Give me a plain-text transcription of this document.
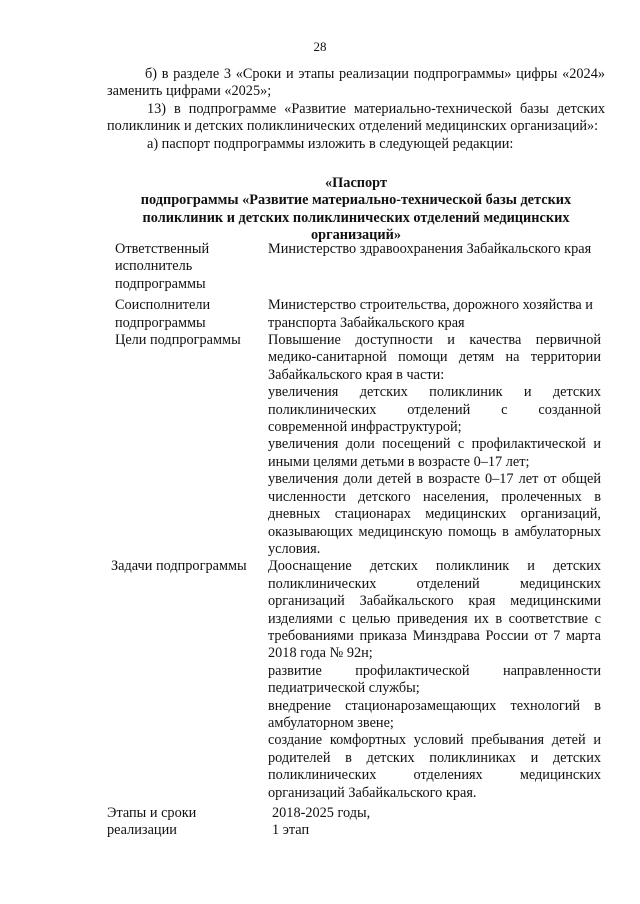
28

б) в разделе 3 «Сроки и этапы реализации подпрограммы» цифры «2024» заменить цифрами «2025»;

13) в подпрограмме «Развитие материально-технической базы детских поликлиник и детских поликлинических отделений медицинских организаций»:

а) паспорт подпрограммы изложить в следующей редакции:

«Паспорт
подпрограммы «Развитие материально-технической базы детских поликлиник и детских поликлинических отделений медицинских организаций»
Ответственный исполнитель подпрограммы
Министерство здравоохранения Забайкальского края
Соисполнители подпрограммы
Министерство строительства, дорожного хозяйства и транспорта Забайкальского края
Цели подпрограммы	Повышение доступности и качества первичной медико-санитарной помощи детям на территории Забайкальского края в части:
увеличения детских поликлиник и детских поликлинических отделений с созданной современной инфраструктурой;
увеличения доли посещений с профилактической и иными целями детьми в возрасте 0–17 лет;
увеличения доли детей в возрасте 0–17 лет от общей численности детского населения, пролеченных в дневных стационарах медицинских организаций, оказывающих медицинскую помощь в амбулаторных условия.
Задачи подпрограммы	Дооснащение детских поликлиник и детских поликлинических отделений медицинских организаций Забайкальского края медицинскими изделиями с целью приведения их в соответствие с требованиями приказа Минздрава России от 7 марта 2018 года № 92н;
развитие профилактической направленности педиатрической службы;
внедрение стационарозамещающих технологий в амбулаторном звене;
создание комфортных условий пребывания детей и родителей в детских поликлиниках и детских поликлинических отделениях медицинских организаций Забайкальского края.
Этапы и сроки реализации
2018-2025 годы,
1 этап
